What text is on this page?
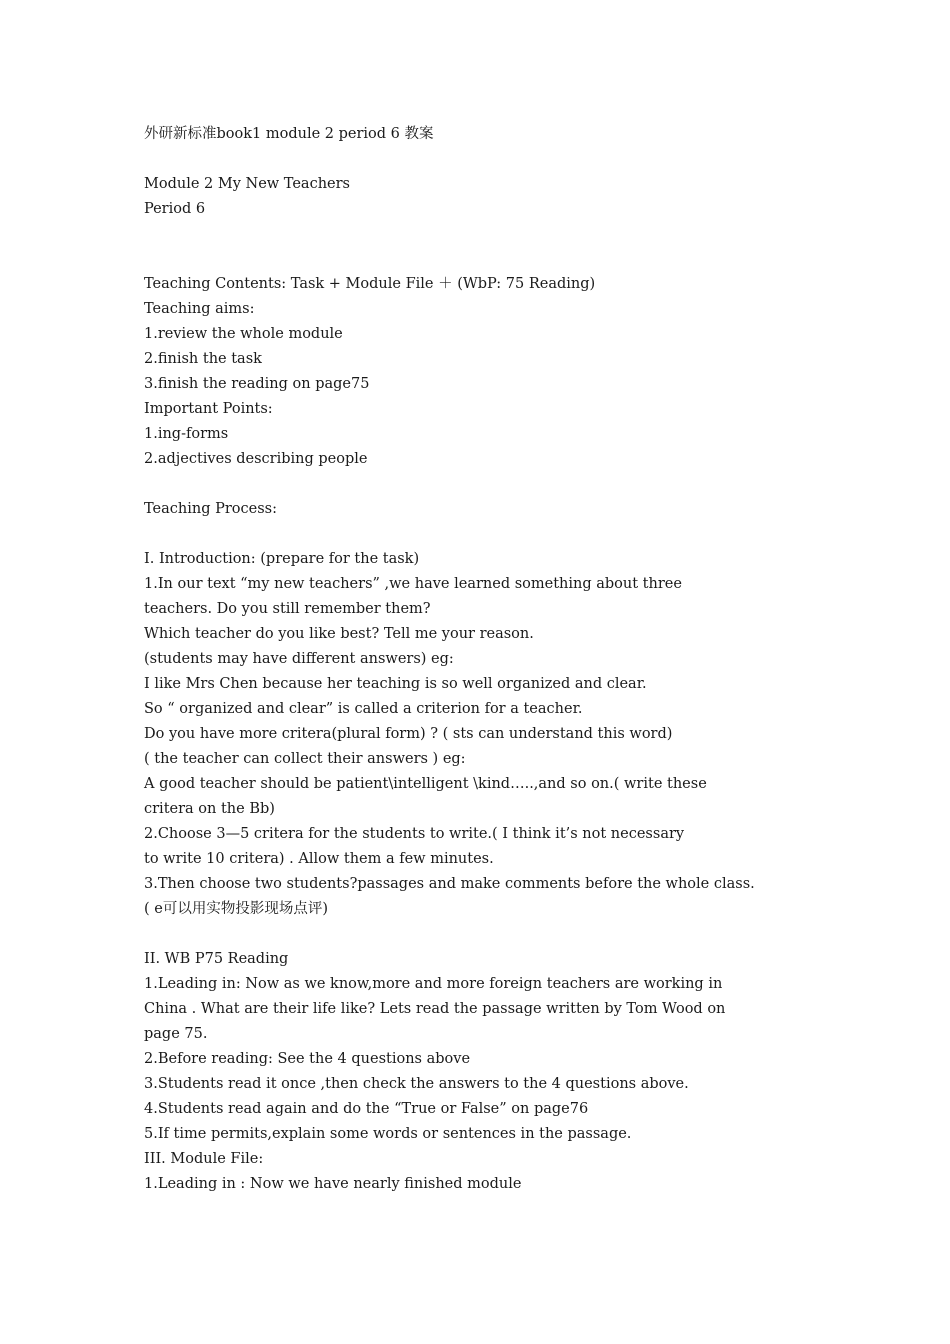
外研新标准book1 module 2 period 6 教案
Module 2 My New Teachers
Period 6
Teaching Contents: Task + Module File ＋ (WbP: 75 Reading)
Teaching aims:
1.review the whole module
2.finish the task
3.finish the reading on page75
Important Points:
1.ing-forms
2.adjectives describing people
Teaching Process:
I. Introduction: (prepare for the task)
1.In our text “my new teachers” ,we have learned something about three
teachers. Do you still remember them?
Which teacher do you like best? Tell me your reason.
(students may have different answers) eg:
I like Mrs Chen because her teaching is so well organized and clear.
So “ organized and clear” is called a criterion for a teacher.
Do you have more critera(plural form) ? ( sts can understand this word)
( the teacher can collect their answers ) eg:
A good teacher should be patient\intelligent \kind…..,and so on.( write these
critera on the Bb)
2.Choose 3—5 critera for the students to write.( I think it’s not necessary
to write 10 critera) . Allow them a few minutes.
3.Then choose two students?passages and make comments before the whole class.
( e可以用实物投影现场点评)
II. WB P75 Reading
1.Leading in: Now as we know,more and more foreign teachers are working in
China . What are their life like? Lets read the passage written by Tom Wood on
page 75.
2.Before reading: See the 4 questions above
3.Students read it once ,then check the answers to the 4 questions above.
4.Students read again and do the “True or False” on page76
5.If time permits,explain some words or sentences in the passage.
III. Module File:
1.Leading in : Now we have nearly finished module
